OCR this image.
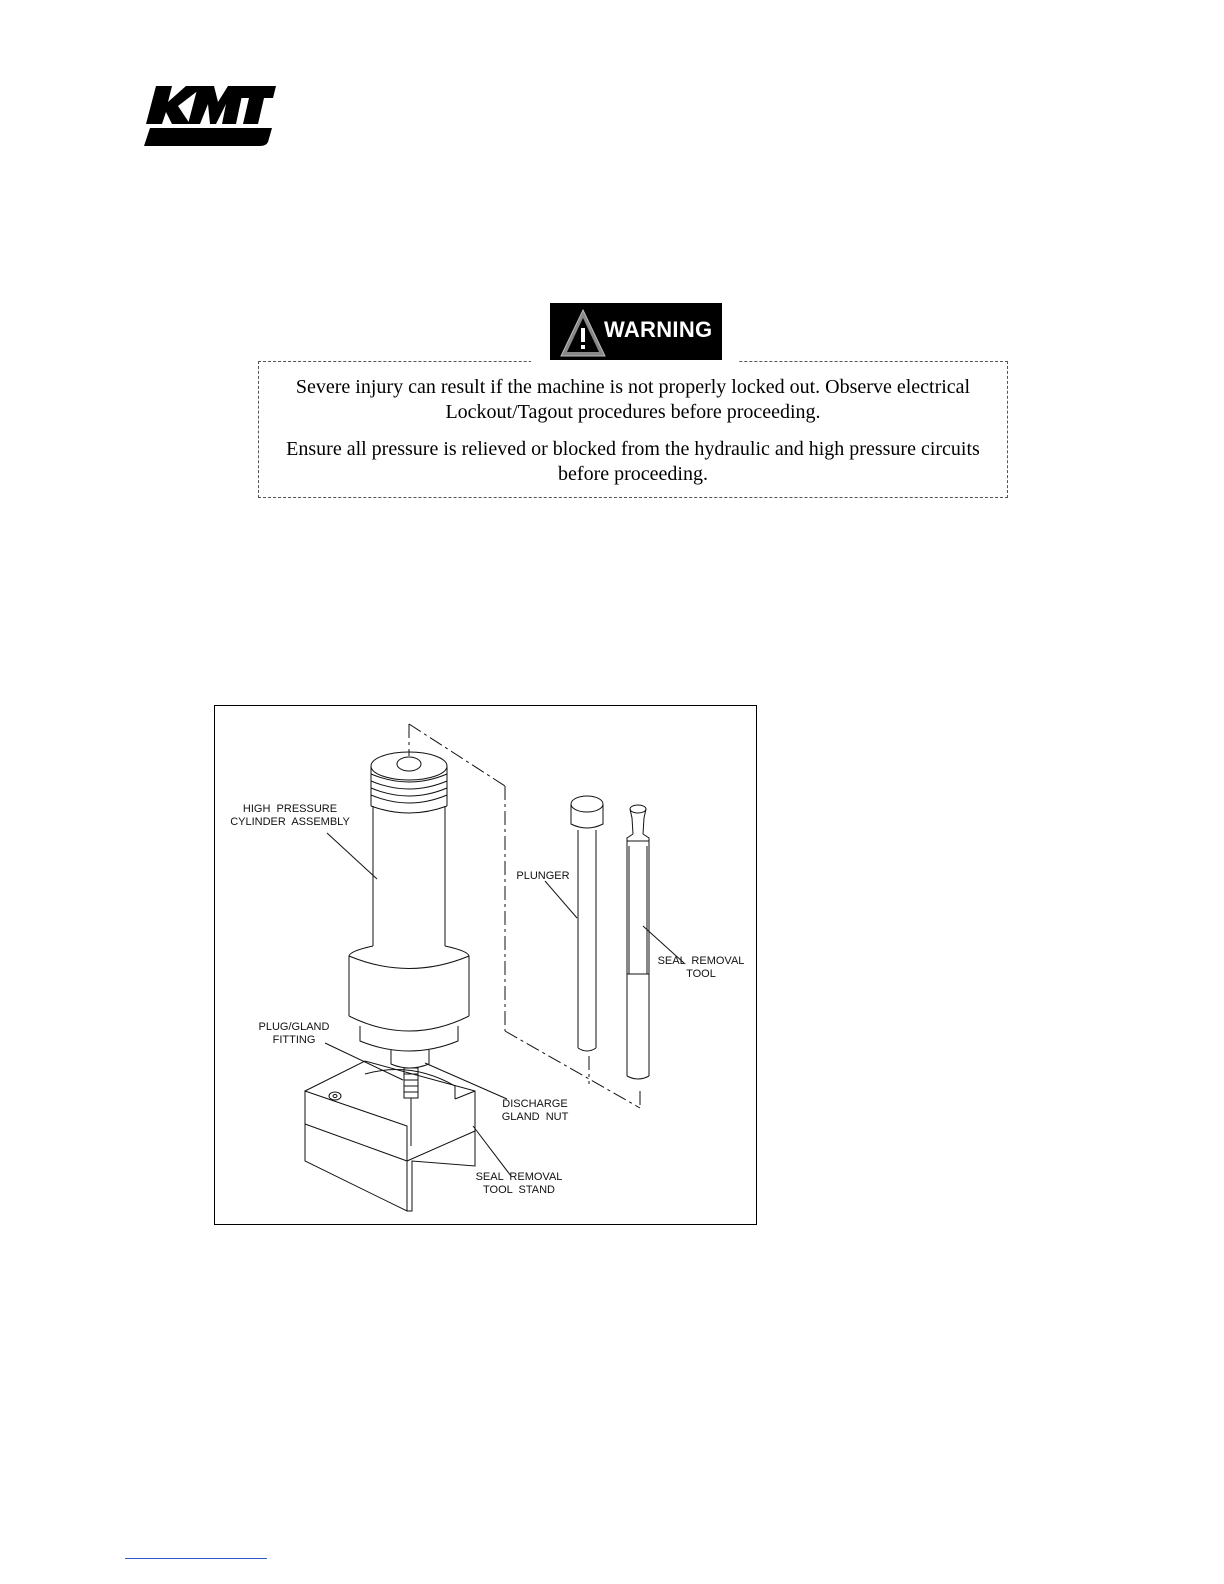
WARNING

Severe injury can result if the machine is not properly locked out. Observe electrical Lockout/Tagout procedures before proceeding.

Ensure all pressure is relieved or blocked from the hydraulic and high pressure circuits before proceeding.

HIGH  PRESSURE
CYLINDER  ASSEMBLY
PLUNGER
SEAL  REMOVAL
TOOL
PLUG/GLAND
FITTING
DISCHARGE
GLAND  NUT
SEAL  REMOVAL
TOOL  STAND
